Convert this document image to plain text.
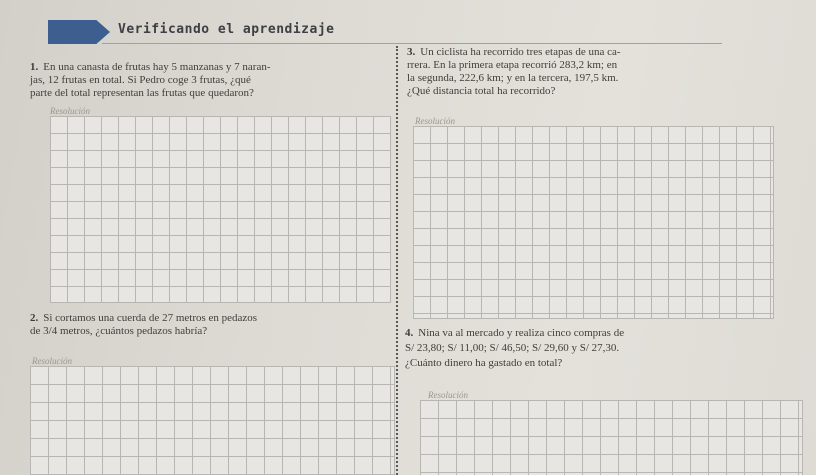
Verificando el aprendizaje
1. En una canasta de frutas hay 5 manzanas y 7 naran-
jas, 12 frutas en total. Si Pedro coge 3 frutas, ¿qué
parte del total representan las frutas que quedaron?
Resolución
2. Si cortamos una cuerda de 27 metros en pedazos
de 3/4 metros, ¿cuántos pedazos habría?
Resolución
3. Un ciclista ha recorrido tres etapas de una ca-
rrera. En la primera etapa recorrió 283,2 km; en
la segunda, 222,6 km; y en la tercera, 197,5 km.
¿Qué distancia total ha recorrido?
Resolución
4. Nina va al mercado y realiza cinco compras de
S/ 23,80; S/ 11,00; S/ 46,50; S/ 29,60 y S/ 27,30.
¿Cuánto dinero ha gastado en total?
Resolución
